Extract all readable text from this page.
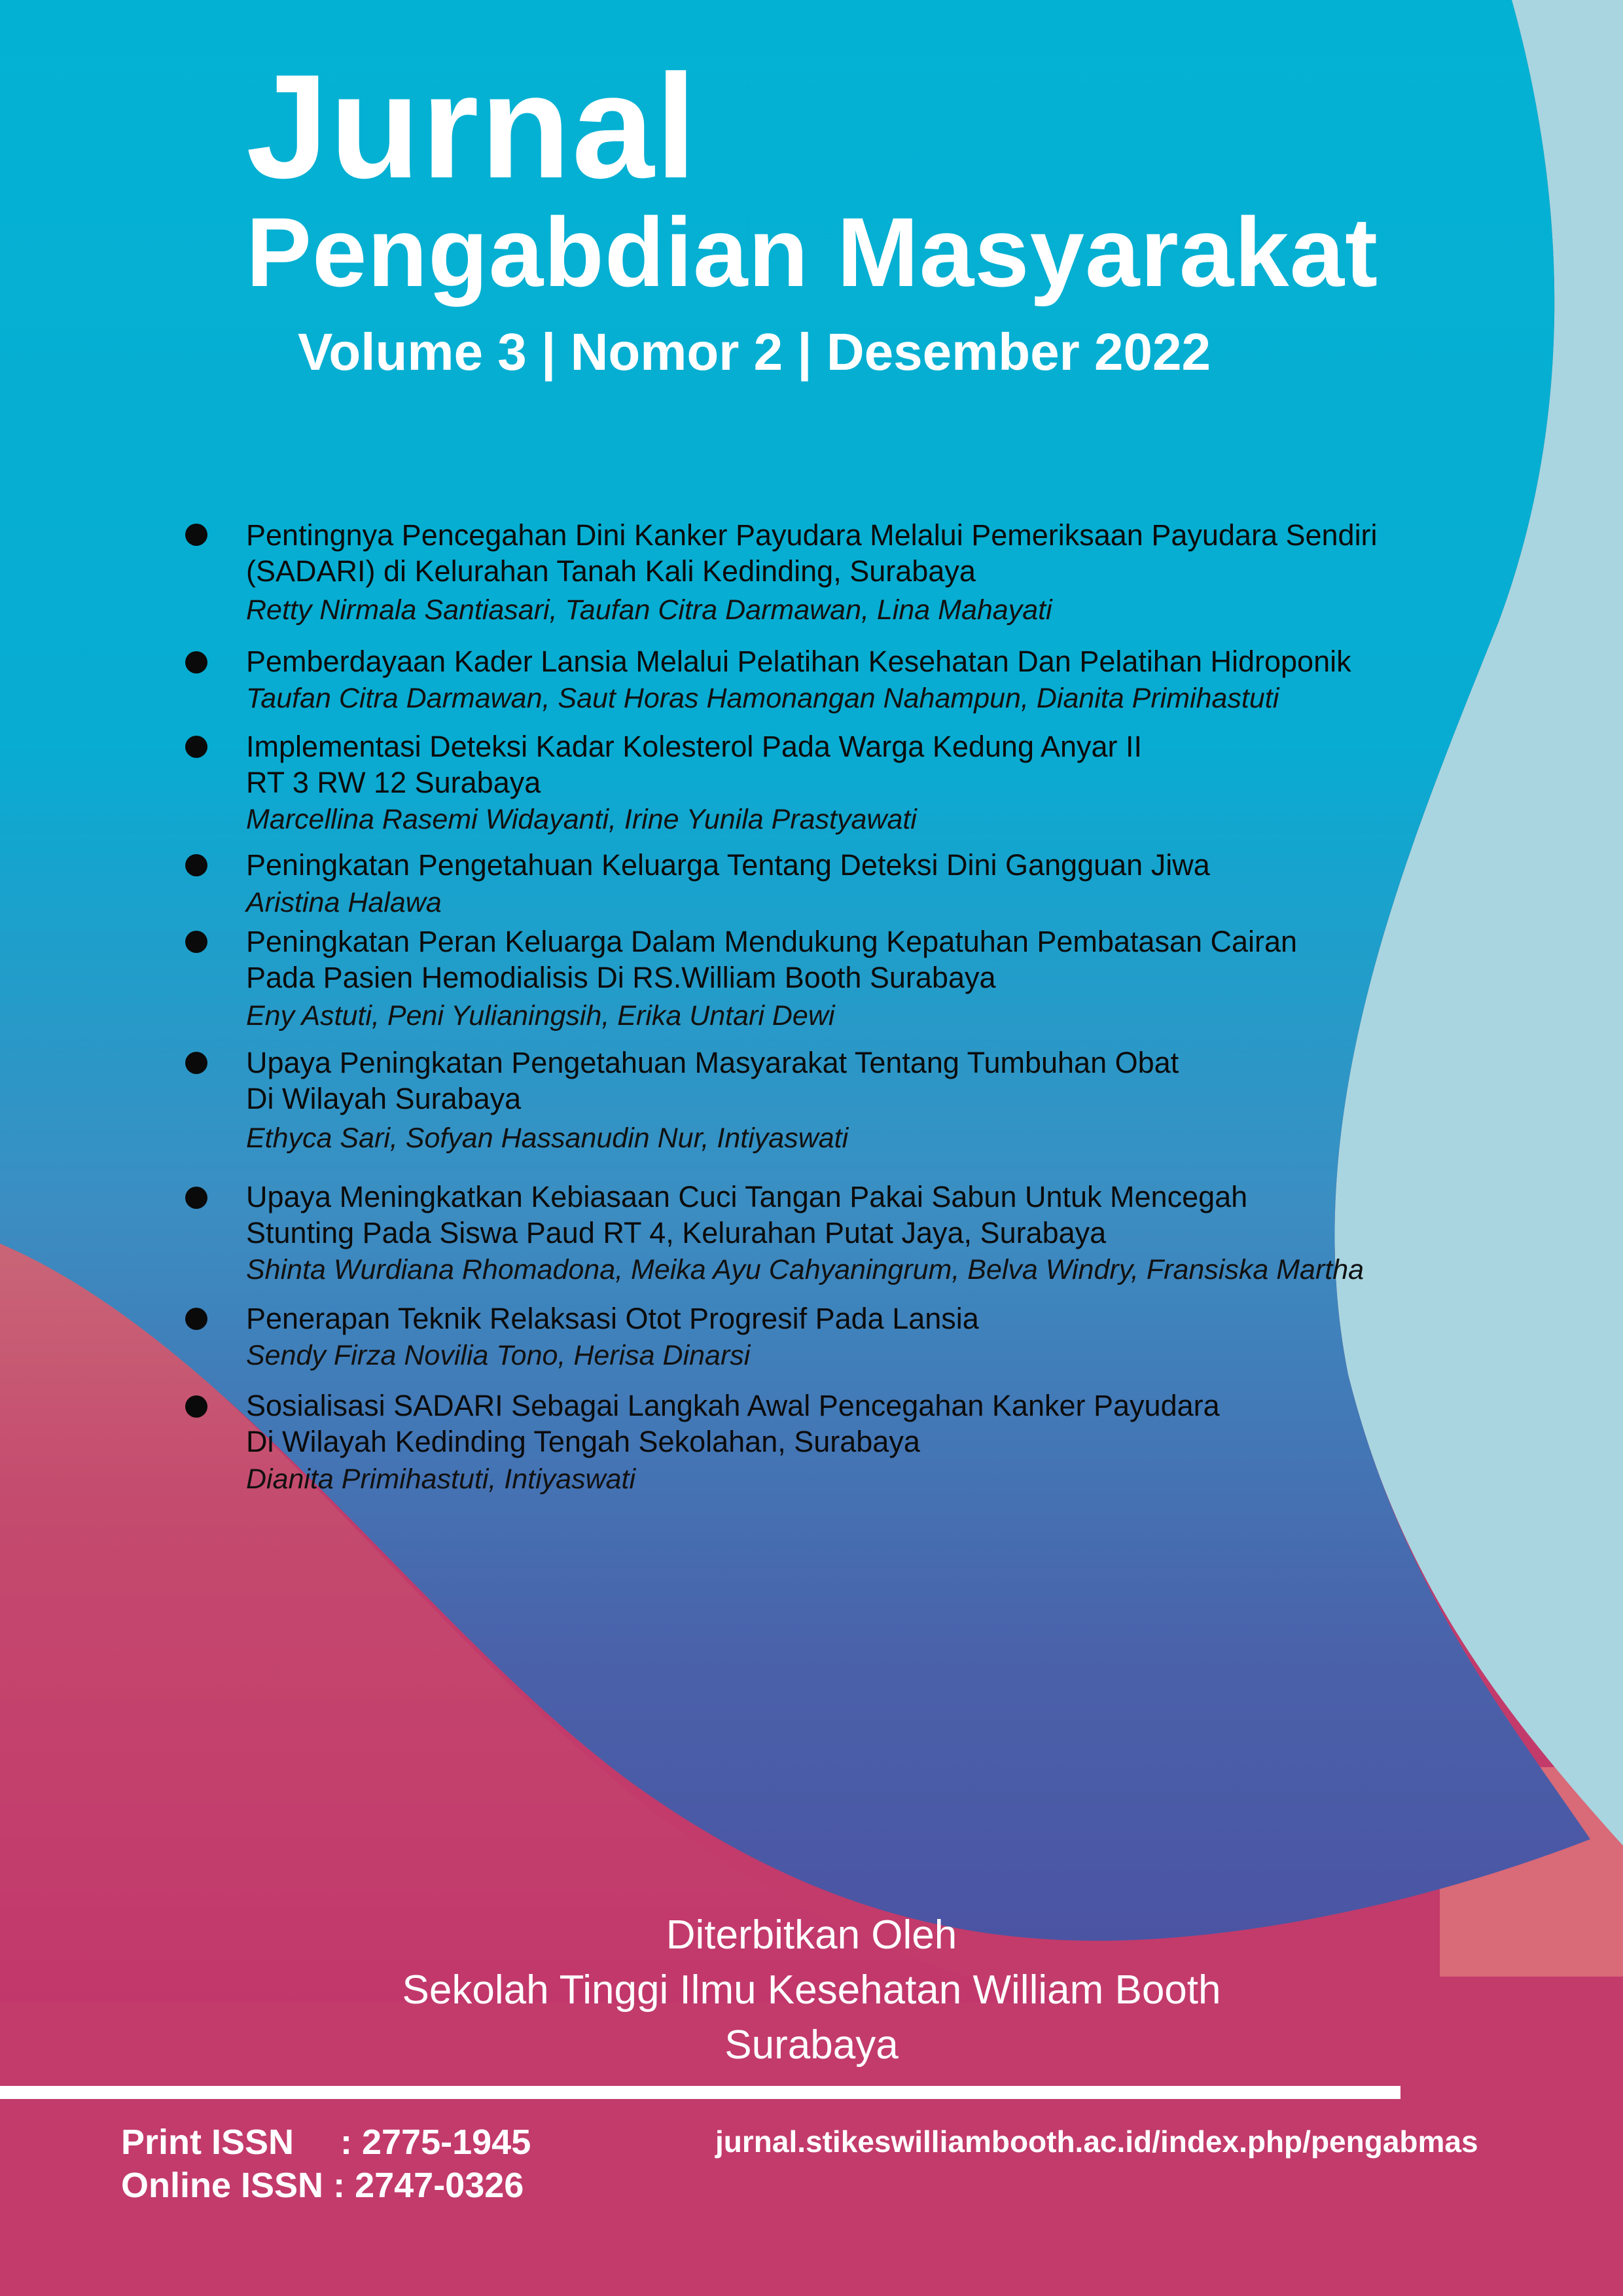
Jurnal
Pengabdian Masyarakat
Volume 3 | Nomor 2 | Desember 2022
Pentingnya Pencegahan Dini Kanker Payudara Melalui Pemeriksaan Payudara Sendiri
(SADARI) di Kelurahan Tanah Kali Kedinding, Surabaya
Retty Nirmala Santiasari, Taufan Citra Darmawan, Lina Mahayati
Pemberdayaan Kader Lansia Melalui Pelatihan Kesehatan Dan Pelatihan Hidroponik
Taufan Citra Darmawan, Saut Horas Hamonangan Nahampun, Dianita Primihastuti
Implementasi Deteksi Kadar Kolesterol Pada Warga Kedung Anyar II
RT 3 RW 12 Surabaya
Marcellina Rasemi Widayanti, Irine Yunila Prastyawati
Peningkatan Pengetahuan Keluarga Tentang Deteksi Dini Gangguan Jiwa
Aristina Halawa
Peningkatan Peran Keluarga Dalam Mendukung Kepatuhan Pembatasan Cairan
Pada Pasien Hemodialisis Di RS.William Booth Surabaya
Eny Astuti, Peni Yulianingsih, Erika Untari Dewi
Upaya Peningkatan Pengetahuan Masyarakat Tentang Tumbuhan Obat
Di Wilayah Surabaya
Ethyca Sari, Sofyan Hassanudin Nur, Intiyaswati
Upaya Meningkatkan Kebiasaan Cuci Tangan Pakai Sabun Untuk Mencegah
Stunting Pada Siswa Paud RT 4, Kelurahan Putat Jaya, Surabaya
Shinta Wurdiana Rhomadona, Meika Ayu Cahyaningrum, Belva Windry, Fransiska Martha
Penerapan Teknik Relaksasi Otot Progresif Pada Lansia
Sendy Firza Novilia Tono, Herisa Dinarsi
Sosialisasi SADARI Sebagai Langkah Awal Pencegahan Kanker Payudara
Di Wilayah Kedinding Tengah Sekolahan, Surabaya
Dianita Primihastuti, Intiyaswati
Diterbitkan Oleh
Sekolah Tinggi Ilmu Kesehatan William Booth
Surabaya
Print ISSN : 2775-1945
Online ISSN : 2747-0326
jurnal.stikeswilliambooth.ac.id/index.php/pengabmas
